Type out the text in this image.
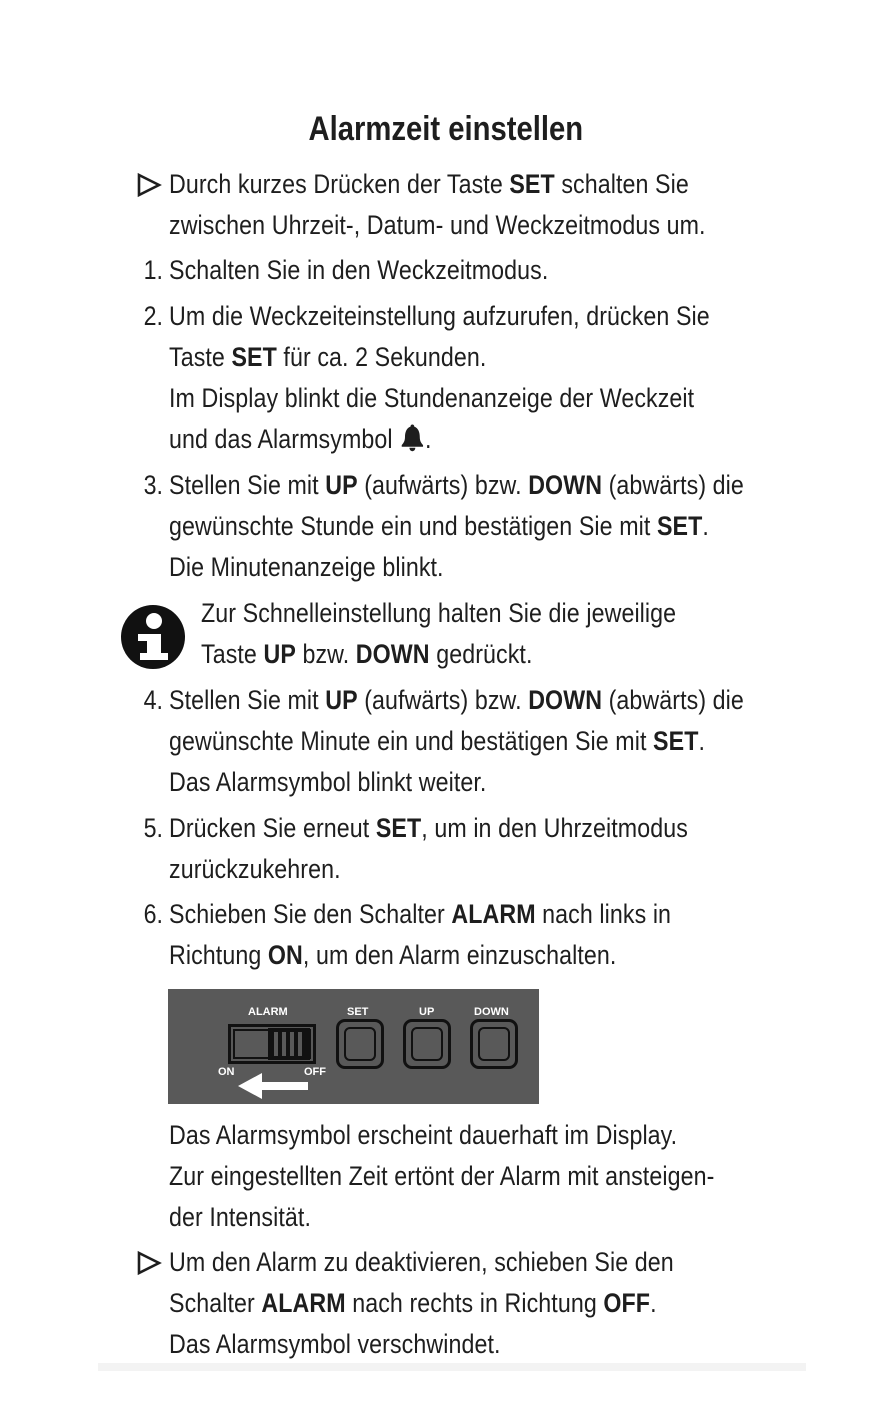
Alarmzeit einstellen
Durch kurzes Drücken der Taste SET schalten Sie
zwischen Uhrzeit-, Datum- und Weckzeitmodus um.
1. Schalten Sie in den Weckzeitmodus.
2. Um die Weckzeiteinstellung aufzurufen, drücken Sie
Taste SET für ca. 2 Sekunden.
Im Display blinkt die Stundenanzeige der Weckzeit
und das Alarmsymbol .
3. Stellen Sie mit UP (aufwärts) bzw. DOWN (abwärts) die
gewünschte Stunde ein und bestätigen Sie mit SET.
Die Minutenanzeige blinkt.
Zur Schnelleinstellung halten Sie die jeweilige
Taste UP bzw. DOWN gedrückt.
4. Stellen Sie mit UP (aufwärts) bzw. DOWN (abwärts) die
gewünschte Minute ein und bestätigen Sie mit SET.
Das Alarmsymbol blinkt weiter.
5. Drücken Sie erneut SET, um in den Uhrzeitmodus
zurückzukehren.
6. Schieben Sie den Schalter ALARM nach links in
Richtung ON, um den Alarm einzuschalten.
ALARM	SET	UP	DOWN
ON	OFF
Das Alarmsymbol erscheint dauerhaft im Display.
Zur eingestellten Zeit ertönt der Alarm mit ansteigen-
der Intensität.
Um den Alarm zu deaktivieren, schieben Sie den
Schalter ALARM nach rechts in Richtung OFF.
Das Alarmsymbol verschwindet.
